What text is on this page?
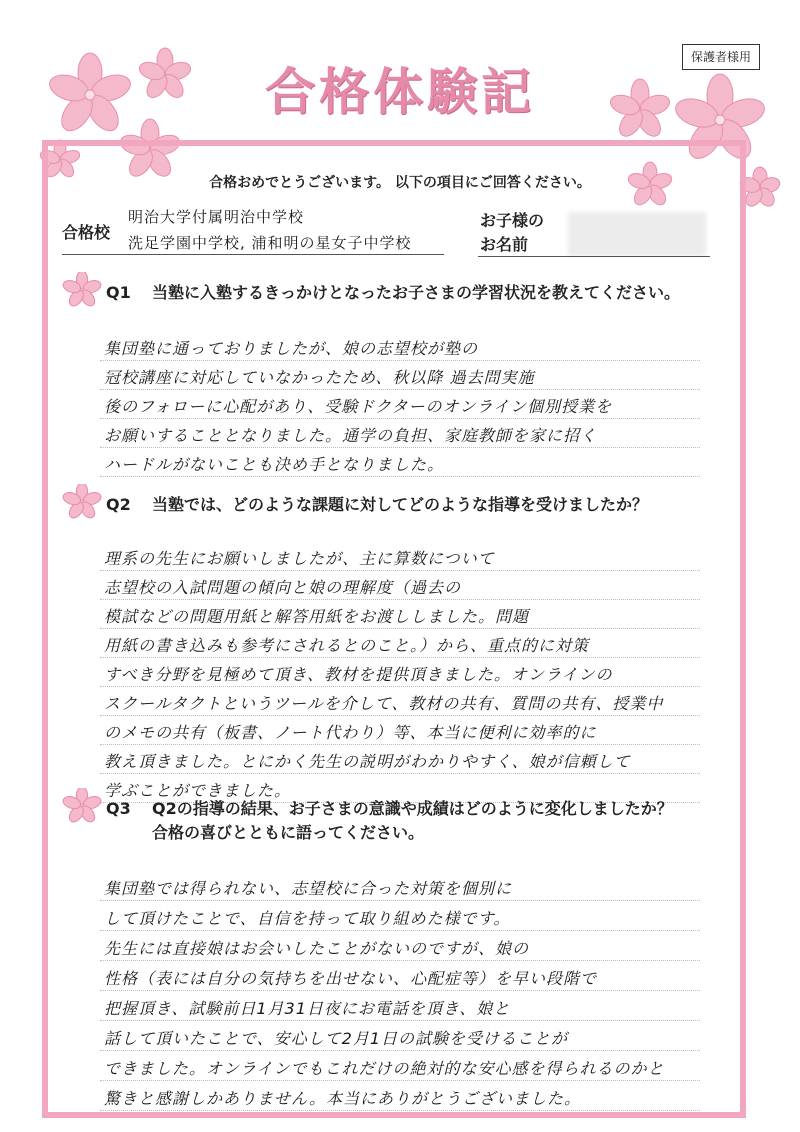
保護者様用
合格体験記
合格おめでとうございます。 以下の項目にご回答ください。
合格校
明治大学付属明治中学校
洗足学園中学校, 浦和明の星女子中学校
お子様の
お名前
Q1 当塾に入塾するきっかけとなったお子さまの学習状況を教えてください。
集団塾に通っておりましたが、娘の志望校が塾の
冠校講座に対応していなかったため、秋以降 過去問実施
後のフォローに心配があり、受験ドクターのオンライン個別授業を
お願いすることとなりました。通学の負担、家庭教師を家に招く
ハードルがないことも決め手となりました。
Q2 当塾では、どのような課題に対してどのような指導を受けましたか？
理系の先生にお願いしましたが、主に算数について
志望校の入試問題の傾向と娘の理解度（過去の
模試などの問題用紙と解答用紙をお渡ししました。問題
用紙の書き込みも参考にされるとのこと。）から、重点的に対策
すべき分野を見極めて頂き、教材を提供頂きました。オンラインの
スクールタクトというツールを介して、教材の共有、質問の共有、授業中
のメモの共有（板書、ノート代わり）等、本当に便利に効率的に
教え頂きました。とにかく先生の説明がわかりやすく、娘が信頼して
学ぶことができました。
Q3 Q2の指導の結果、お子さまの意識や成績はどのように変化しましたか？
合格の喜びとともに語ってください。
集団塾では得られない、志望校に合った対策を個別に
して頂けたことで、自信を持って取り組めた様です。
先生には直接娘はお会いしたことがないのですが、娘の
性格（表には自分の気持ちを出せない、心配症等）を早い段階で
把握頂き、試験前日1月31日夜にお電話を頂き、娘と
話して頂いたことで、安心して2月1日の試験を受けることが
できました。オンラインでもこれだけの絶対的な安心感を得られるのかと
驚きと感謝しかありません。本当にありがとうございました。
